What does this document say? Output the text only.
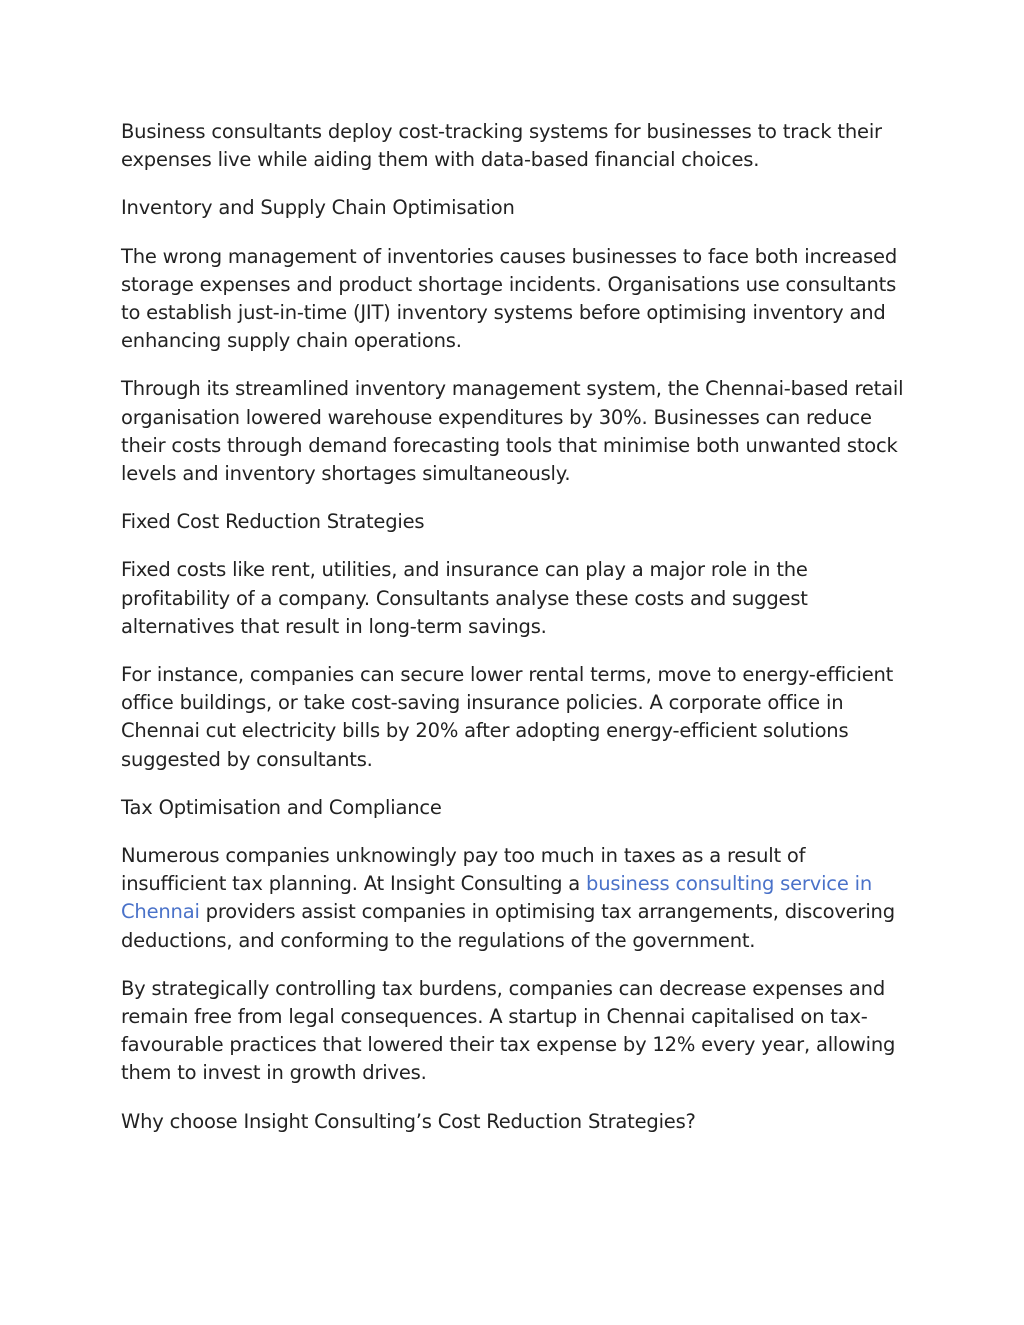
Business consultants deploy cost-tracking systems for businesses to track their expenses live while aiding them with data-based financial choices.

Inventory and Supply Chain Optimisation

The wrong management of inventories causes businesses to face both increased storage expenses and product shortage incidents. Organisations use consultants to establish just-in-time (JIT) inventory systems before optimising inventory and enhancing supply chain operations.

Through its streamlined inventory management system, the Chennai-based retail organisation lowered warehouse expenditures by 30%. Businesses can reduce their costs through demand forecasting tools that minimise both unwanted stock levels and inventory shortages simultaneously.

Fixed Cost Reduction Strategies

Fixed costs like rent, utilities, and insurance can play a major role in the profitability of a company. Consultants analyse these costs and suggest alternatives that result in long-term savings.

For instance, companies can secure lower rental terms, move to energy-efficient office buildings, or take cost-saving insurance policies. A corporate office in Chennai cut electricity bills by 20% after adopting energy-efficient solutions suggested by consultants.

Tax Optimisation and Compliance

Numerous companies unknowingly pay too much in taxes as a result of insufficient tax planning. At Insight Consulting a business consulting service in Chennai providers assist companies in optimising tax arrangements, discovering deductions, and conforming to the regulations of the government.

By strategically controlling tax burdens, companies can decrease expenses and remain free from legal consequences. A startup in Chennai capitalised on tax-favourable practices that lowered their tax expense by 12% every year, allowing them to invest in growth drives.

Why choose Insight Consulting’s Cost Reduction Strategies?
